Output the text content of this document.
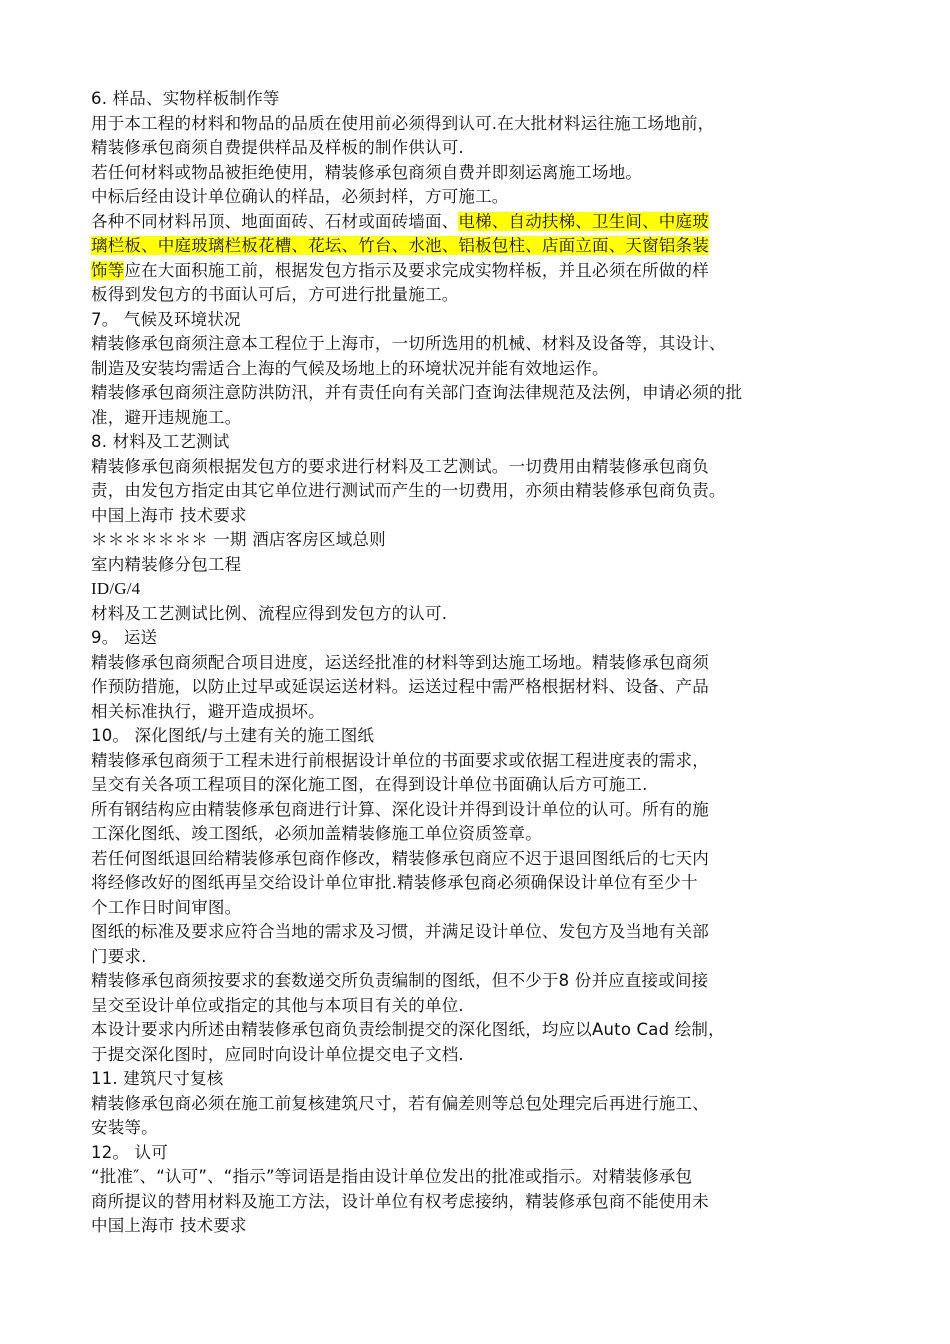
6. 样品、实物样板制作等
用于本工程的材料和物品的品质在使用前必须得到认可.在大批材料运往施工场地前，
精装修承包商须自费提供样品及样板的制作供认可.
若任何材料或物品被拒绝使用，精装修承包商须自费并即刻运离施工场地。
中标后经由设计单位确认的样品，必须封样，方可施工。
各种不同材料吊顶、地面面砖、石材或面砖墙面、电梯、自动扶梯、卫生间、中庭玻
璃栏板、中庭玻璃栏板花槽、花坛、竹台、水池、铝板包柱、店面立面、天窗铝条装
饰等应在大面积施工前，根据发包方指示及要求完成实物样板，并且必须在所做的样
板得到发包方的书面认可后，方可进行批量施工。
7。 气候及环境状况
精装修承包商须注意本工程位于上海市，一切所选用的机械、材料及设备等，其设计、
制造及安装均需适合上海的气候及场地上的环境状况并能有效地运作。
精装修承包商须注意防洪防汛，并有责任向有关部门查询法律规范及法例，申请必须的批
准，避开违规施工。
8. 材料及工艺测试
精装修承包商须根据发包方的要求进行材料及工艺测试。一切费用由精装修承包商负
责，由发包方指定由其它单位进行测试而产生的一切费用，亦须由精装修承包商负责。
中国上海市 技术要求
＊＊＊＊＊＊＊ 一期 酒店客房区域总则
室内精装修分包工程
ID/G/4
材料及工艺测试比例、流程应得到发包方的认可.
9。 运送
精装修承包商须配合项目进度，运送经批准的材料等到达施工场地。精装修承包商须
作预防措施，以防止过早或延误运送材料。运送过程中需严格根据材料、设备、产品
相关标准执行，避开造成损坏。
10。 深化图纸/与土建有关的施工图纸
精装修承包商须于工程未进行前根据设计单位的书面要求或依据工程进度表的需求，
呈交有关各项工程项目的深化施工图，在得到设计单位书面确认后方可施工.
所有钢结构应由精装修承包商进行计算、深化设计并得到设计单位的认可。所有的施
工深化图纸、竣工图纸，必须加盖精装修施工单位资质签章。
若任何图纸退回给精装修承包商作修改，精装修承包商应不迟于退回图纸后的七天内
将经修改好的图纸再呈交给设计单位审批.精装修承包商必须确保设计单位有至少十
个工作日时间审图。
图纸的标准及要求应符合当地的需求及习惯，并满足设计单位、发包方及当地有关部
门要求.
精装修承包商须按要求的套数递交所负责编制的图纸，但不少于8 份并应直接或间接
呈交至设计单位或指定的其他与本项目有关的单位.
本设计要求内所述由精装修承包商负责绘制提交的深化图纸，均应以Auto Cad 绘制，
于提交深化图时，应同时向设计单位提交电子文档.
11. 建筑尺寸复核
精装修承包商必须在施工前复核建筑尺寸，若有偏差则等总包处理完后再进行施工、
安装等。
12。 认可
“批准″、“认可”、“指示”等词语是指由设计单位发出的批准或指示。对精装修承包
商所提议的替用材料及施工方法，设计单位有权考虑接纳，精装修承包商不能使用未
中国上海市 技术要求
